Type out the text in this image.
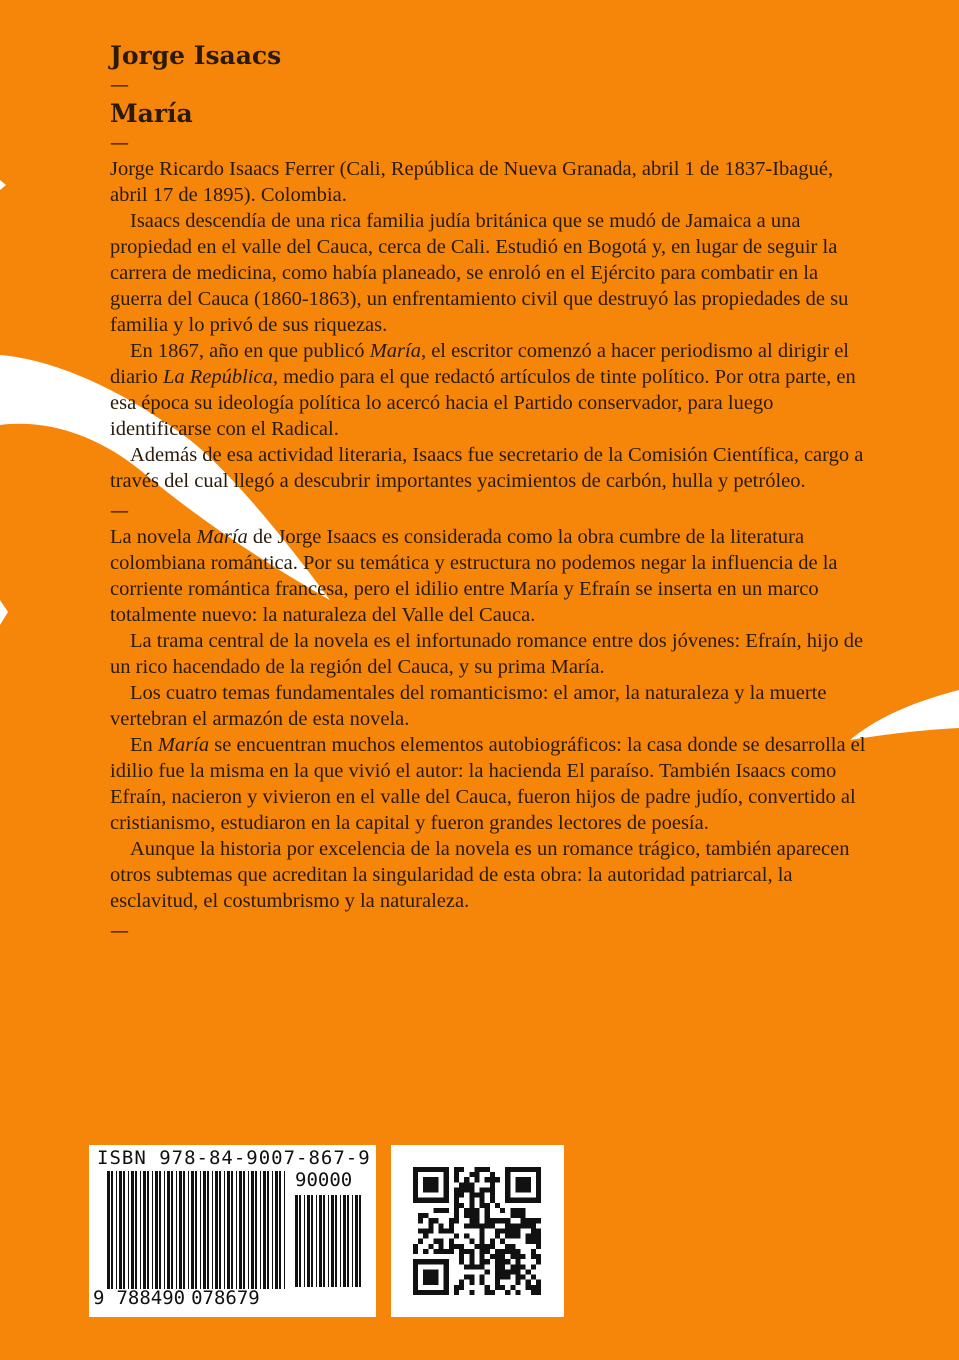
Jorge Isaacs
—
María
—

Jorge Ricardo Isaacs Ferrer (Cali, República de Nueva Granada, abril 1 de 1837-Ibagué, abril 17 de 1895). Colombia.

Isaacs descendía de una rica familia judía británica que se mudó de Jamaica a una propiedad en el valle del Cauca, cerca de Cali. Estudió en Bogotá y, en lugar de seguir la carrera de medicina, como había planeado, se enroló en el Ejército para combatir en la guerra del Cauca (1860-1863), un enfrentamiento civil que destruyó las propiedades de su familia y lo privó de sus riquezas.

En 1867, año en que publicó María, el escritor comenzó a hacer periodismo al dirigir el diario La República, medio para el que redactó artículos de tinte político. Por otra parte, en esa época su ideología política lo acercó hacia el Partido conservador, para luego identificarse con el Radical.

Además de esa actividad literaria, Isaacs fue secretario de la Comisión Científica, cargo a través del cual llegó a descubrir importantes yacimientos de carbón, hulla y petróleo.

—

La novela María de Jorge Isaacs es considerada como la obra cumbre de la literatura colombiana romántica. Por su temática y estructura no podemos negar la influencia de la corriente romántica francesa, pero el idilio entre María y Efraín se inserta en un marco totalmente nuevo: la naturaleza del Valle del Cauca.

La trama central de la novela es el infortunado romance entre dos jóvenes: Efraín, hijo de un rico hacendado de la región del Cauca, y su prima María.

Los cuatro temas fundamentales del romanticismo: el amor, la naturaleza y la muerte vertebran el armazón de esta novela.

En María se encuentran muchos elementos autobiográficos: la casa donde se desarrolla el idilio fue la misma en la que vivió el autor: la hacienda El paraíso. También Isaacs como Efraín, nacieron y vivieron en el valle del Cauca, fueron hijos de padre judío, convertido al cristianismo, estudiaron en la capital y fueron grandes lectores de poesía.

Aunque la historia por excelencia de la novela es un romance trágico, también aparecen otros subtemas que acreditan la singularidad de esta obra: la autoridad patriarcal, la esclavitud, el costumbrismo y la naturaleza.

—
ISBN 978-84-9007-867-9
90000
9 788490 078679
